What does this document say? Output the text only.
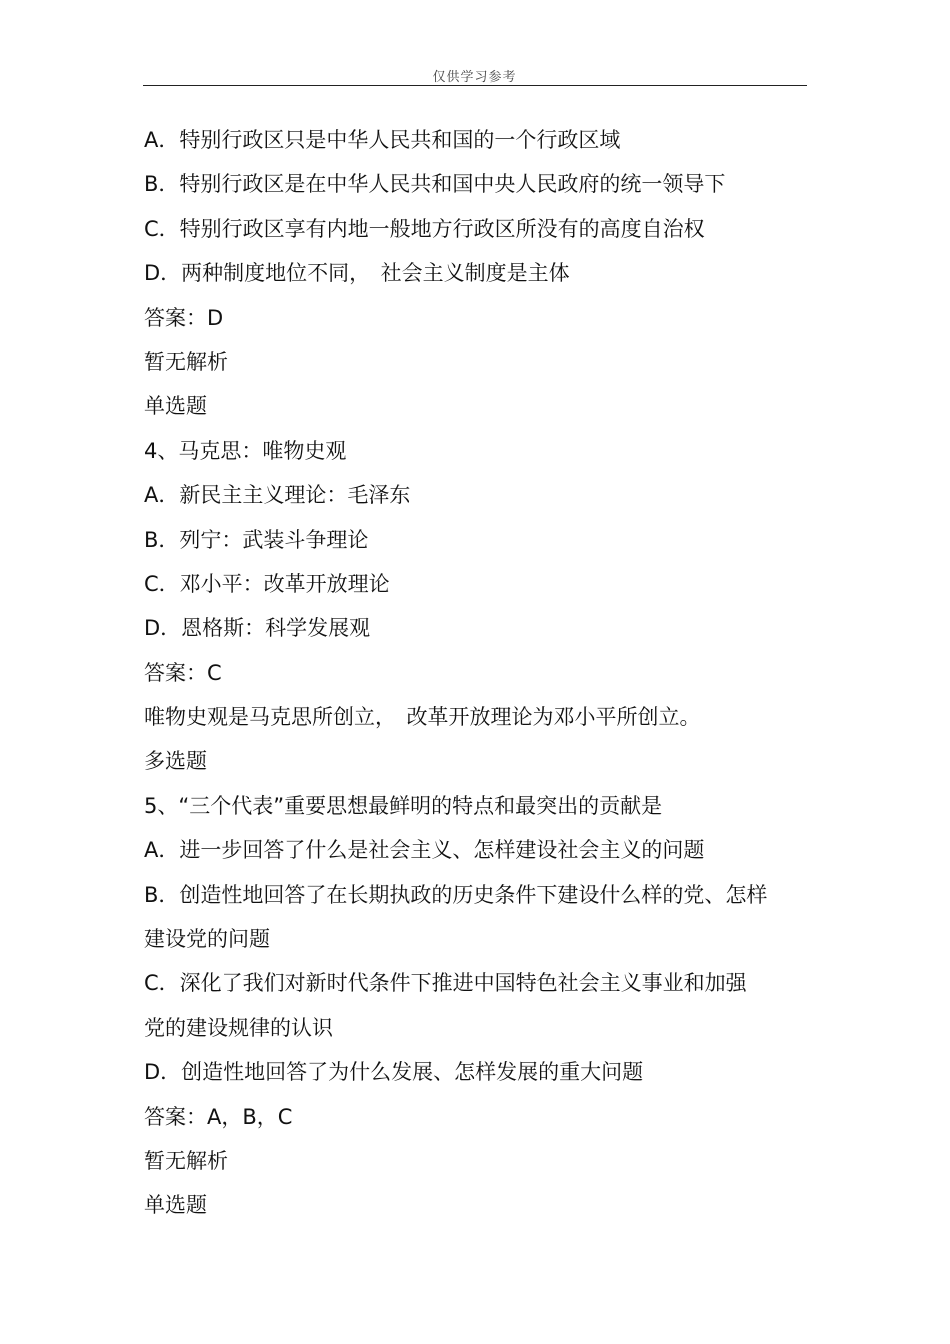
仅供学习参考
A．特别行政区只是中华人民共和国的一个行政区域
B．特别行政区是在中华人民共和国中央人民政府的统一领导下
C．特别行政区享有内地一般地方行政区所没有的高度自治权
D．两种制度地位不同，　社会主义制度是主体
答案：D
暂无解析
单选题
4、马克思：唯物史观
A．新民主主义理论：毛泽东
B．列宁：武装斗争理论
C．邓小平：改革开放理论
D．恩格斯：科学发展观
答案：C
唯物史观是马克思所创立，　改革开放理论为邓小平所创立。
多选题
5、“三个代表”重要思想最鲜明的特点和最突出的贡献是
A．进一步回答了什么是社会主义、怎样建设社会主义的问题
B．创造性地回答了在长期执政的历史条件下建设什么样的党、怎样
建设党的问题
C．深化了我们对新时代条件下推进中国特色社会主义事业和加强
党的建设规律的认识
D．创造性地回答了为什么发展、怎样发展的重大问题
答案：A，B，C
暂无解析
单选题
